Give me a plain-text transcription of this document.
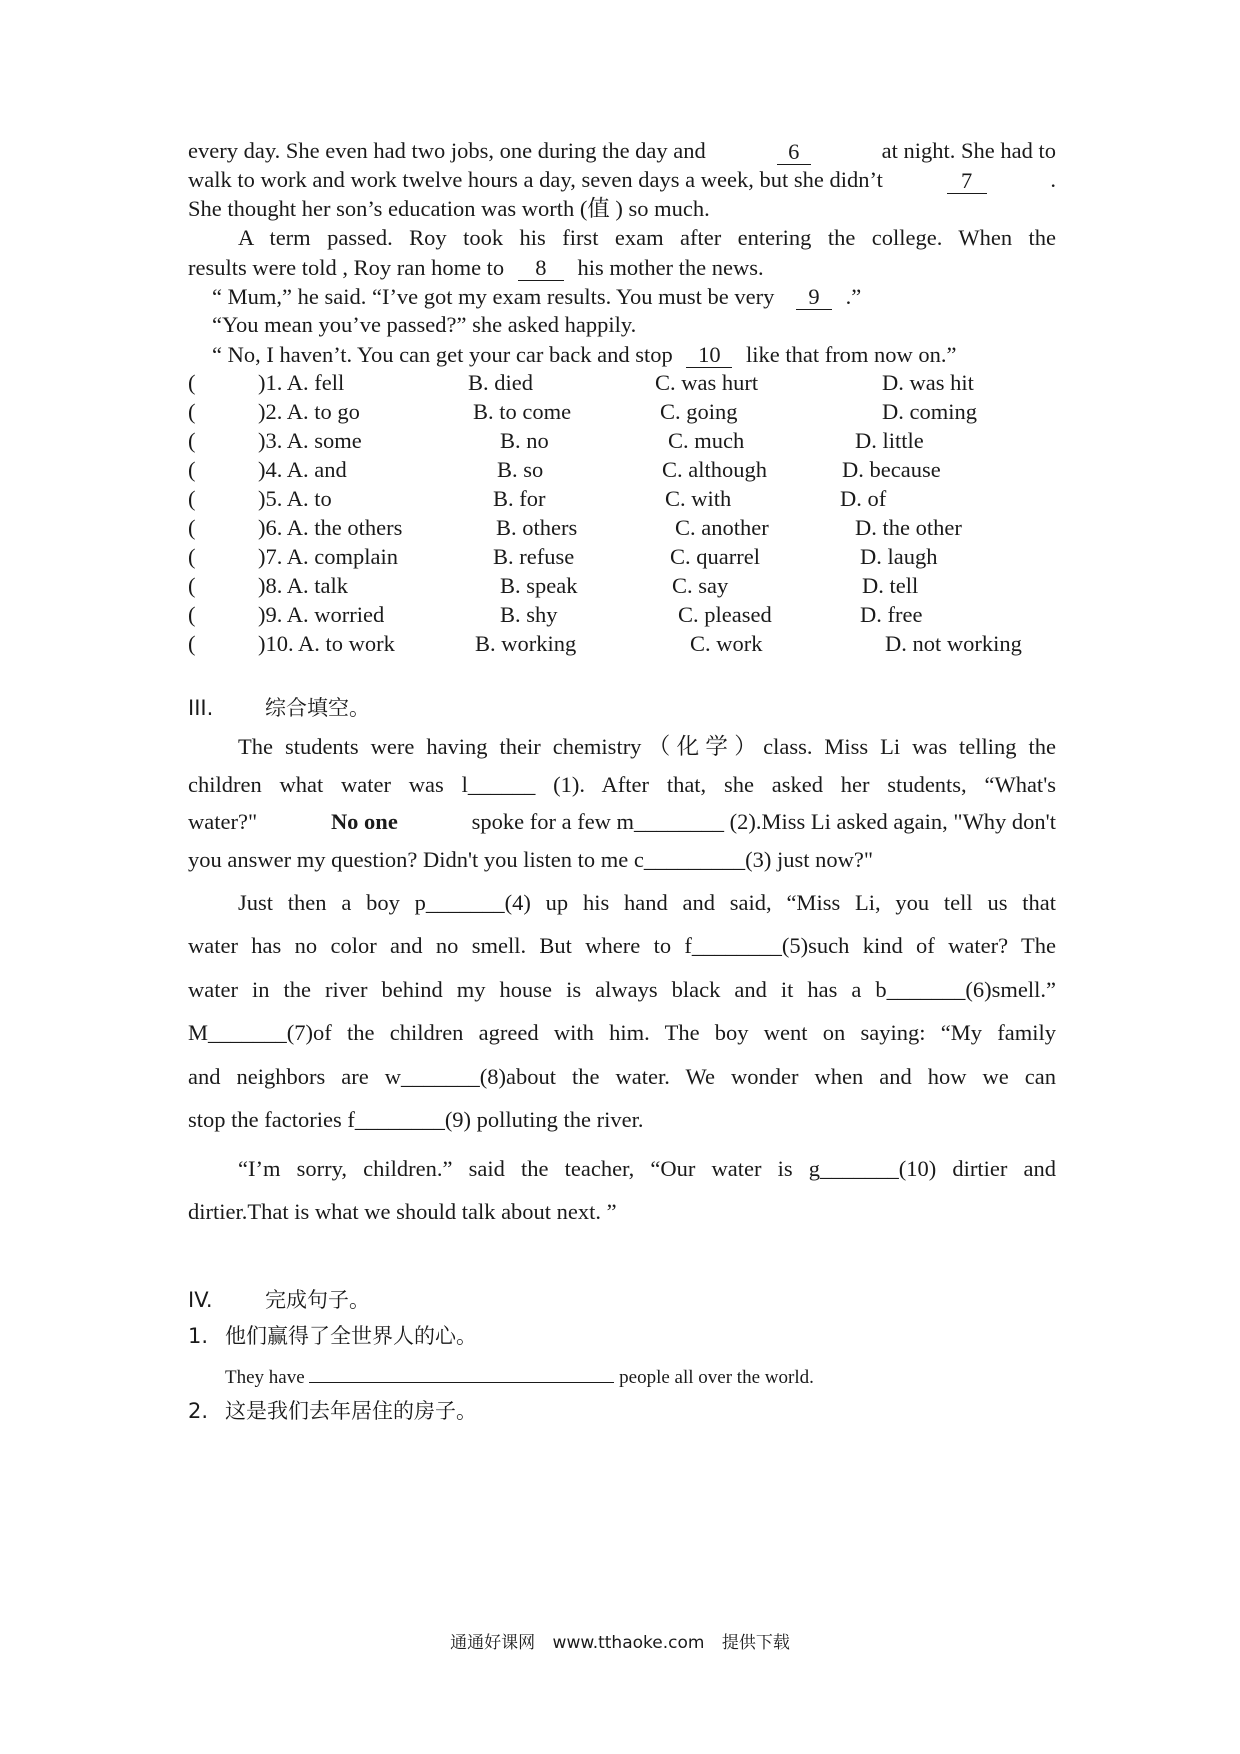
every day. She even had two jobs, one during the day and	6	at night. She had to
walk to work and work twelve hours a day, seven days a week, but she didn’t	7	.
She thought her son’s education was worth (值 ) so much.
A term passed. Roy took his first exam after entering the college. When the
results were told , Roy ran home to 8 his mother the news.
“ Mum,” he said. “I’ve got my exam results. You must be very 9 .”
“You mean you’ve passed?” she asked happily.
“ No, I haven’t. You can get your car back and stop 10 like that from now on.”
(	)1. A. fell	B. died	C. was hurt	D. was hit
(	)2. A. to go	B. to come	C. going	D. coming
(	)3. A. some	B. no	C. much	D. little
(	)4. A. and	B. so	C. although	D. because
(	)5. A. to	B. for	C. with	D. of
(	)6. A. the others	B. others	C. another	D. the other
(	)7. A. complain	B. refuse	C. quarrel	D. laugh
(	)8. A. talk	B. speak	C. say	D. tell
(	)9. A. worried	B. shy	C. pleased	D. free
(	)10. A. to work	B. working	C. work	D. not working
III. 综合填空。
The students were having their chemistry（化学）class. Miss Li was telling the
children what water was l______ (1). After that, she asked her students, “What's
water?"	No one	spoke for a few m________ (2).Miss Li asked again, "Why don't
you answer my question? Didn't you listen to me c_________(3) just now?"
Just then a boy p_______(4) up his hand and said, “Miss Li, you tell us that
water has no color and no smell. But where to f________(5)such kind of water? The
water in the river behind my house is always black and it has a b_______(6)smell.”
M_______(7)of the children agreed with him. The boy went on saying: “My family
and neighbors are w_______(8)about the water. We wonder when and how we can
stop the factories f________(9) polluting the river.
“I’m sorry, children.” said the teacher, “Our water is g_______(10) dirtier and
dirtier.That is what we should talk about next. ”
IV. 完成句子。
1. 他们赢得了全世界人的心。
They have	people all over the world.
2. 这是我们去年居住的房子。
通通好课网 www.tthaoke.com 提供下载
